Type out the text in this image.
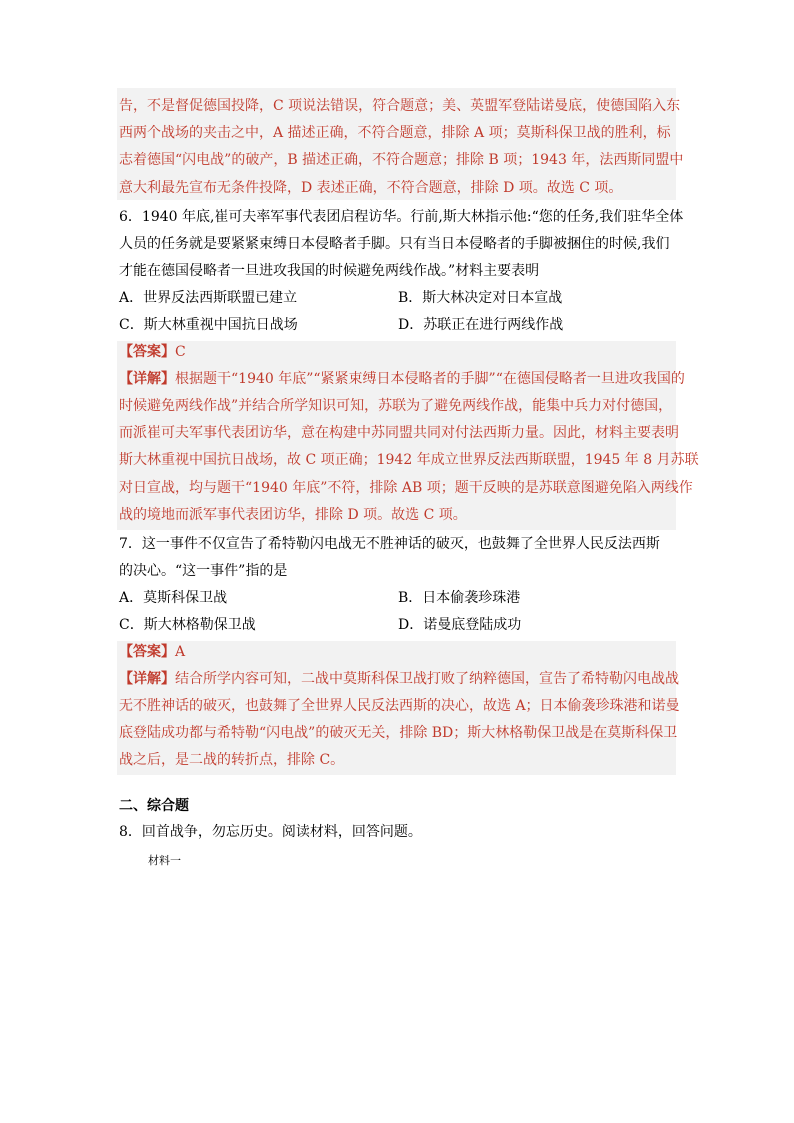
告，不是督促德国投降，C 项说法错误，符合题意；美、英盟军登陆诺曼底，使德国陷入东
西两个战场的夹击之中，A 描述正确，不符合题意，排除 A 项；莫斯科保卫战的胜利，标
志着德国“闪电战”的破产，B 描述正确，不符合题意；排除 B 项；1943 年，法西斯同盟中
意大利最先宣布无条件投降，D 表述正确，不符合题意，排除 D 项。故选 C 项。
6．1940 年底,崔可夫率军事代表团启程访华。行前,斯大林指示他:“您的任务,我们驻华全体
人员的任务就是要紧紧束缚日本侵略者手脚。只有当日本侵略者的手脚被捆住的时候,我们
才能在德国侵略者一旦进攻我国的时候避免两线作战。”材料主要表明
A．世界反法西斯联盟已建立	B．斯大林决定对日本宣战
C．斯大林重视中国抗日战场	D．苏联正在进行两线作战
【答案】C
【详解】根据题干“1940 年底”“紧紧束缚日本侵略者的手脚”“在德国侵略者一旦进攻我国的
时候避免两线作战”并结合所学知识可知，苏联为了避免两线作战，能集中兵力对付德国，
而派崔可夫军事代表团访华，意在构建中苏同盟共同对付法西斯力量。因此，材料主要表明
斯大林重视中国抗日战场，故 C 项正确；1942 年成立世界反法西斯联盟，1945 年 8 月苏联
对日宣战，均与题干“1940 年底”不符，排除 AB 项；题干反映的是苏联意图避免陷入两线作
战的境地而派军事代表团访华，排除 D 项。故选 C 项。
7．这一事件不仅宣告了希特勒闪电战无不胜神话的破灭，也鼓舞了全世界人民反法西斯
的决心。“这一事件”指的是
A．莫斯科保卫战	B．日本偷袭珍珠港
C．斯大林格勒保卫战	D．诺曼底登陆成功
【答案】A
【详解】结合所学内容可知，二战中莫斯科保卫战打败了纳粹德国，宣告了希特勒闪电战战
无不胜神话的破灭，也鼓舞了全世界人民反法西斯的决心，故选 A；日本偷袭珍珠港和诺曼
底登陆成功都与希特勒“闪电战”的破灭无关，排除 BD；斯大林格勒保卫战是在莫斯科保卫
战之后，是二战的转折点，排除 C。
二、综合题
8．回首战争，勿忘历史。阅读材料，回答问题。
材料一
